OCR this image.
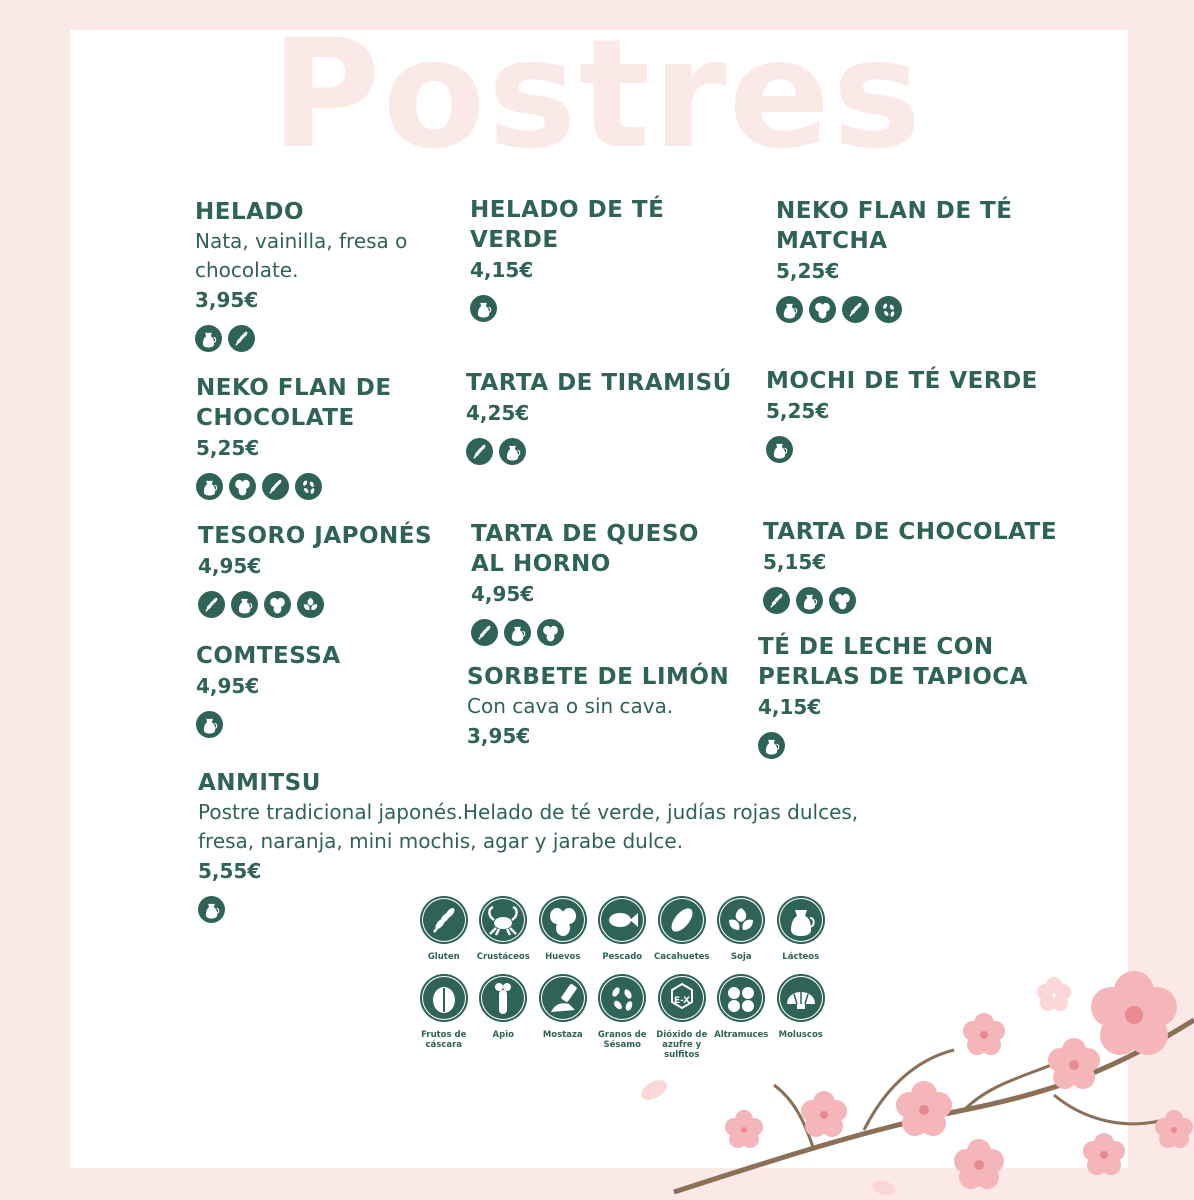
Postres
HELADO
Nata, vainilla, fresa o chocolate.
3,95€
HELADO DE TÉ VERDE
4,15€
NEKO FLAN DE TÉ MATCHA
5,25€
NEKO FLAN DE CHOCOLATE
5,25€
TARTA DE TIRAMISÚ
4,25€
MOCHI DE TÉ VERDE
5,25€
TESORO JAPONÉS
4,95€
TARTA DE QUESO AL HORNO
4,95€
TARTA DE CHOCOLATE
5,15€
COMTESSA
4,95€	SORBETE DE LIMÓN
Con cava o sin cava.
3,95€
TÉ DE LECHE CON PERLAS DE TAPIOCA
4,15€
ANMITSU
Postre tradicional japonés.Helado de té verde, judías rojas dulces, fresa, naranja, mini mochis, agar y jarabe dulce.
5,55€
Gluten	Crustáceos	Huevos	Pescado	Cacahuetes	Soja	Lácteos
Frutos de cáscara
Apio	Mostaza	Granos de Sésamo
E-X
Dióxido de azufre y sulfitos
Altramuces	Moluscos
